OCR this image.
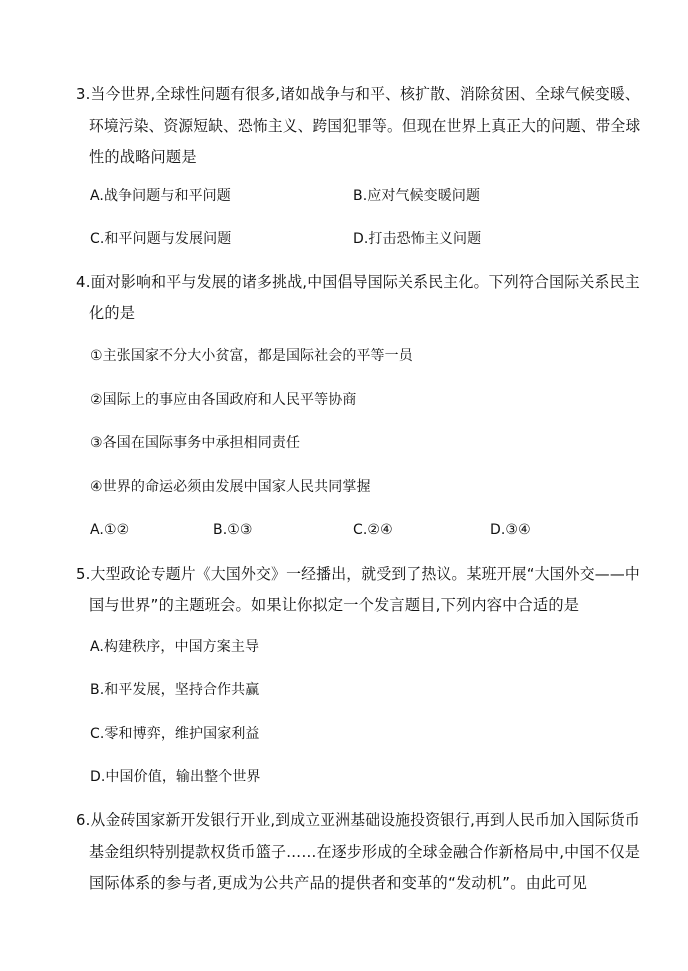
3.当今世界,全球性问题有很多,诸如战争与和平、核扩散、消除贫困、全球气候变暖、
环境污染、资源短缺、恐怖主义、跨国犯罪等。但现在世界上真正大的问题、带全球
性的战略问题是
A.战争问题与和平问题	B.应对气候变暖问题
C.和平问题与发展问题	D.打击恐怖主义问题
4.面对影响和平与发展的诸多挑战,中国倡导国际关系民主化。下列符合国际关系民主
化的是
①主张国家不分大小贫富，都是国际社会的平等一员
②国际上的事应由各国政府和人民平等协商
③各国在国际事务中承担相同责任
④世界的命运必须由发展中国家人民共同掌握
A.①②	B.①③	C.②④	D.③④
5.大型政论专题片《大国外交》一经播出，就受到了热议。某班开展“大国外交——中
国与世界”的主题班会。如果让你拟定一个发言题目,下列内容中合适的是
A.构建秩序，中国方案主导
B.和平发展，坚持合作共赢
C.零和博弈，维护国家利益
D.中国价值，输出整个世界
6.从金砖国家新开发银行开业,到成立亚洲基础设施投资银行,再到人民币加入国际货币
基金组织特别提款权货币篮子……在逐步形成的全球金融合作新格局中,中国不仅是
国际体系的参与者,更成为公共产品的提供者和变革的“发动机”。由此可见
